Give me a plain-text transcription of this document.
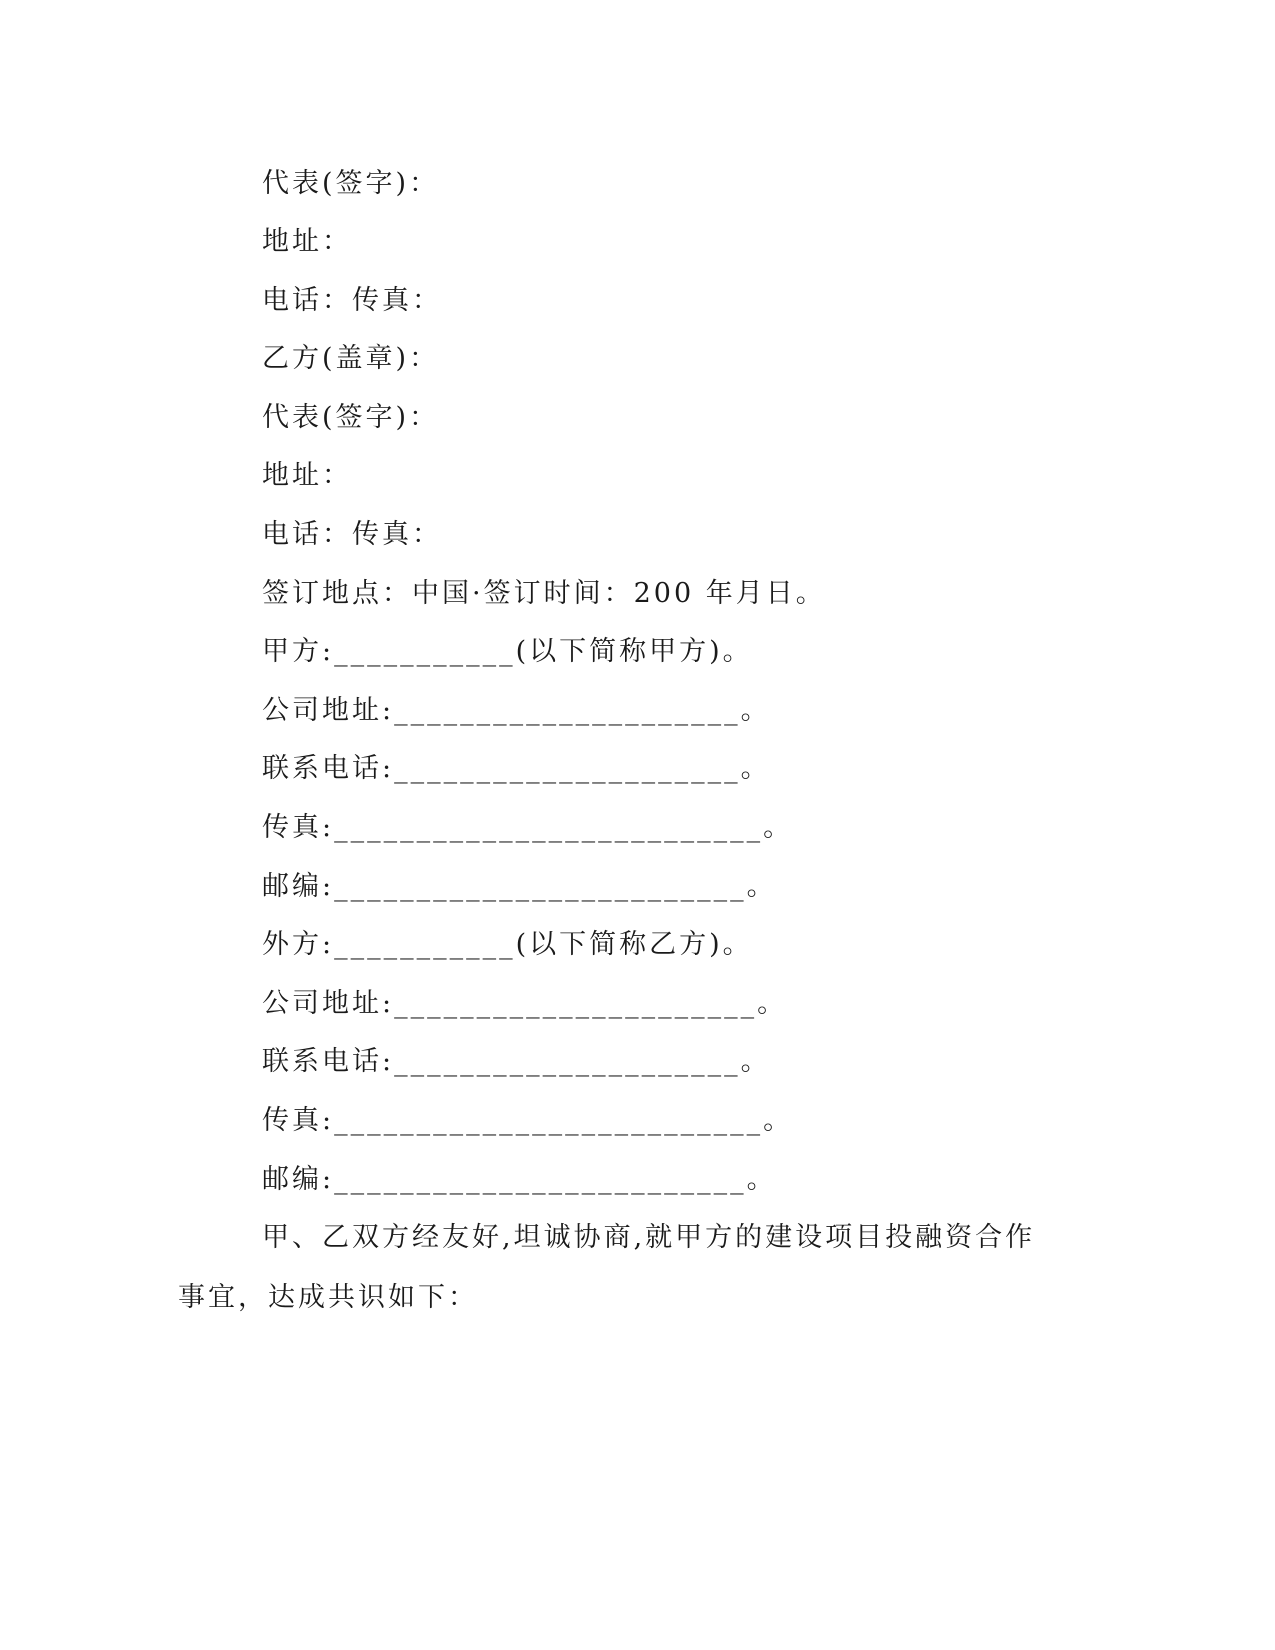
代表(签字)：
地址：
电话：传真：
乙方(盖章)：
代表(签字)：
地址：
电话：传真：
签订地点：中国·签订时间：200 年月日。
甲方:___________(以下简称甲方)。
公司地址:_____________________。
联系电话:_____________________。
传真:__________________________。
邮编:_________________________。
外方:___________(以下简称乙方)。
公司地址:______________________。
联系电话:_____________________。
传真:__________________________。
邮编:_________________________。
甲、乙双方经友好,坦诚协商,就甲方的建设项目投融资合作事宜，达成共识如下：
